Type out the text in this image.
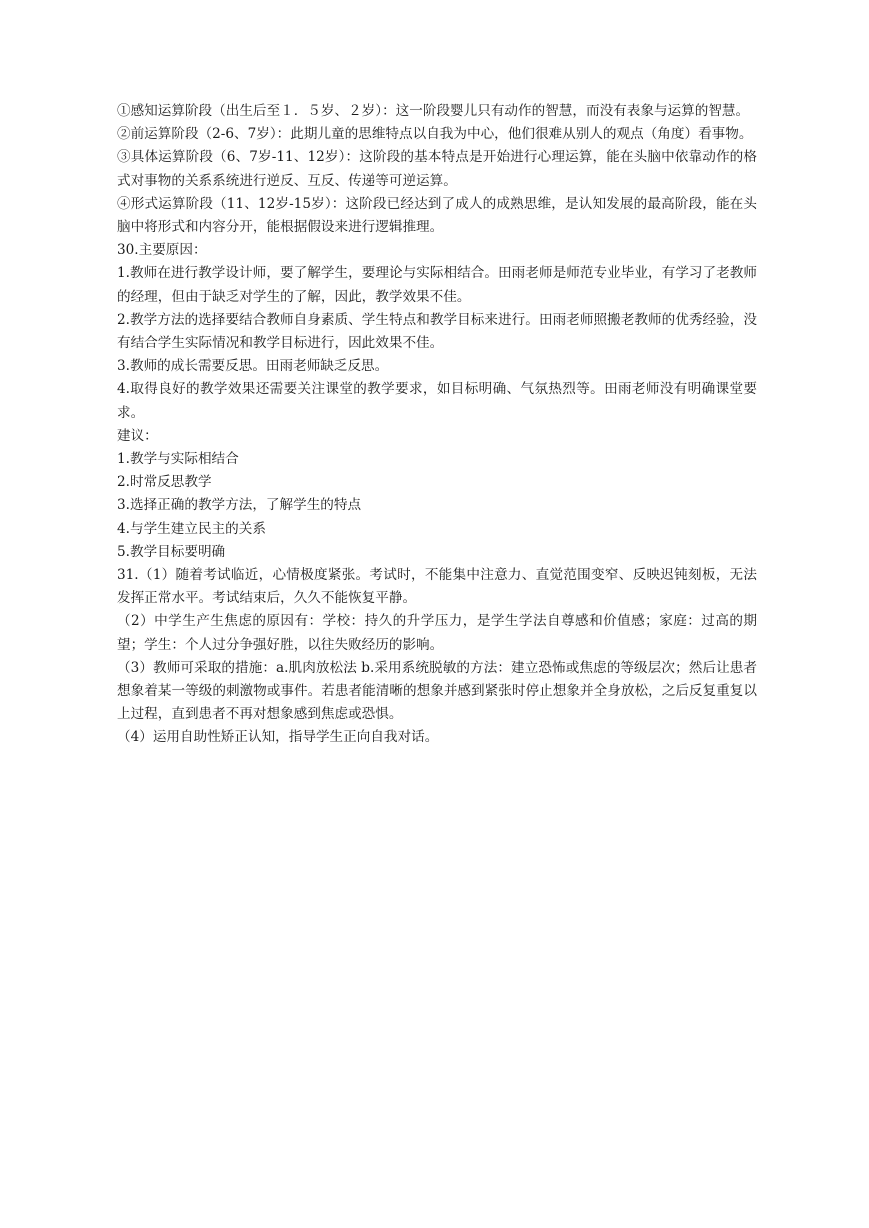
①感知运算阶段（出生后至１．５岁、２岁）：这一阶段婴儿只有动作的智慧，而没有表象与运算的智慧。

②前运算阶段（2-6、7岁）：此期儿童的思维特点以自我为中心，他们很难从别人的观点（角度）看事物。

③具体运算阶段（6、7岁-11、12岁）：这阶段的基本特点是开始进行心理运算，能在头脑中依靠动作的格式对事物的关系系统进行逆反、互反、传递等可逆运算。

④形式运算阶段（11、12岁-15岁）：这阶段已经达到了成人的成熟思维，是认知发展的最高阶段，能在头脑中将形式和内容分开，能根据假设来进行逻辑推理。

30.主要原因：

1.教师在进行教学设计师，要了解学生，要理论与实际相结合。田雨老师是师范专业毕业，有学习了老教师的经理，但由于缺乏对学生的了解，因此，教学效果不佳。

2.教学方法的选择要结合教师自身素质、学生特点和教学目标来进行。田雨老师照搬老教师的优秀经验，没有结合学生实际情况和教学目标进行，因此效果不佳。

3.教师的成长需要反思。田雨老师缺乏反思。

4.取得良好的教学效果还需要关注课堂的教学要求，如目标明确、气氛热烈等。田雨老师没有明确课堂要求。

建议：

1.教学与实际相结合

2.时常反思教学

3.选择正确的教学方法，了解学生的特点

4.与学生建立民主的关系

5.教学目标要明确

31.（1）随着考试临近，心情极度紧张。考试时，不能集中注意力、直觉范围变窄、反映迟钝刻板，无法发挥正常水平。考试结束后，久久不能恢复平静。

（2）中学生产生焦虑的原因有：学校：持久的升学压力，是学生学法自尊感和价值感；家庭：过高的期望；学生：个人过分争强好胜，以往失败经历的影响。

（3）教师可采取的措施：a.肌肉放松法 b.采用系统脱敏的方法：建立恐怖或焦虑的等级层次；然后让患者想象着某一等级的刺激物或事件。若患者能清晰的想象并感到紧张时停止想象并全身放松，之后反复重复以上过程，直到患者不再对想象感到焦虑或恐惧。

（4）运用自助性矫正认知，指导学生正向自我对话。
